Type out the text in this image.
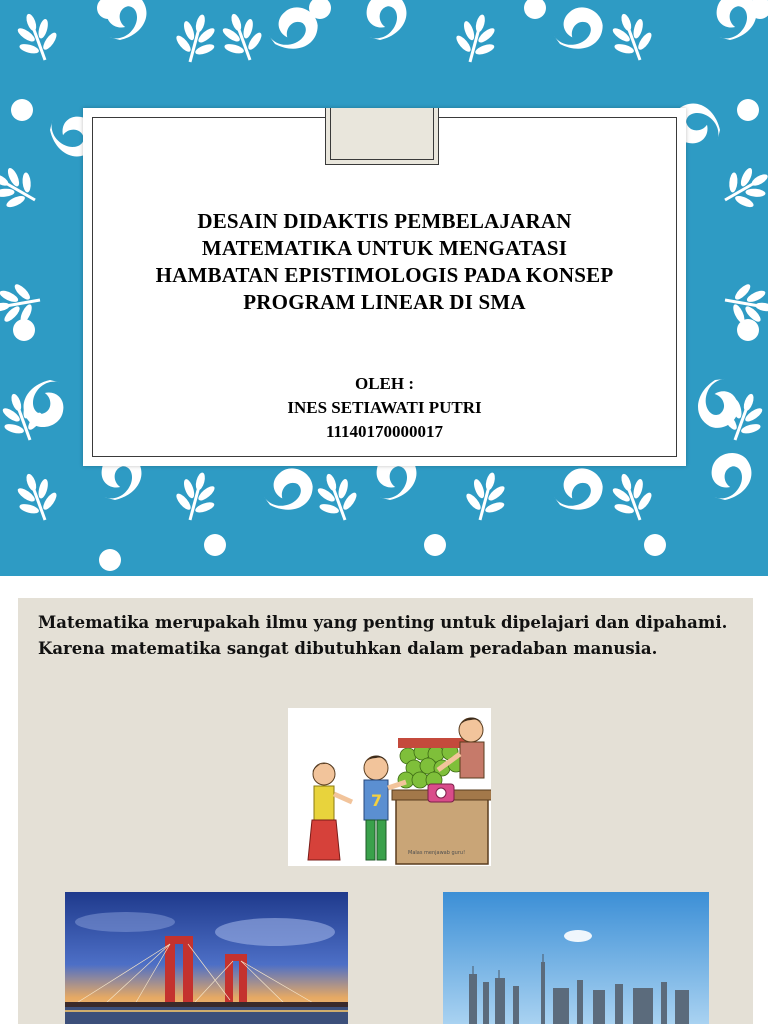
DESAIN DIDAKTIS PEMBELAJARAN
MATEMATIKA UNTUK MENGATASI
HAMBATAN EPISTIMOLOGIS PADA KONSEP
PROGRAM LINEAR DI SMA
OLEH :
INES SETIAWATI PUTRI
11140170000017
Matematika merupakah ilmu yang penting untuk dipelajari dan dipahami. Karena matematika sangat dibutuhkan dalam peradaban manusia.
7
Malas menjawab guru!
